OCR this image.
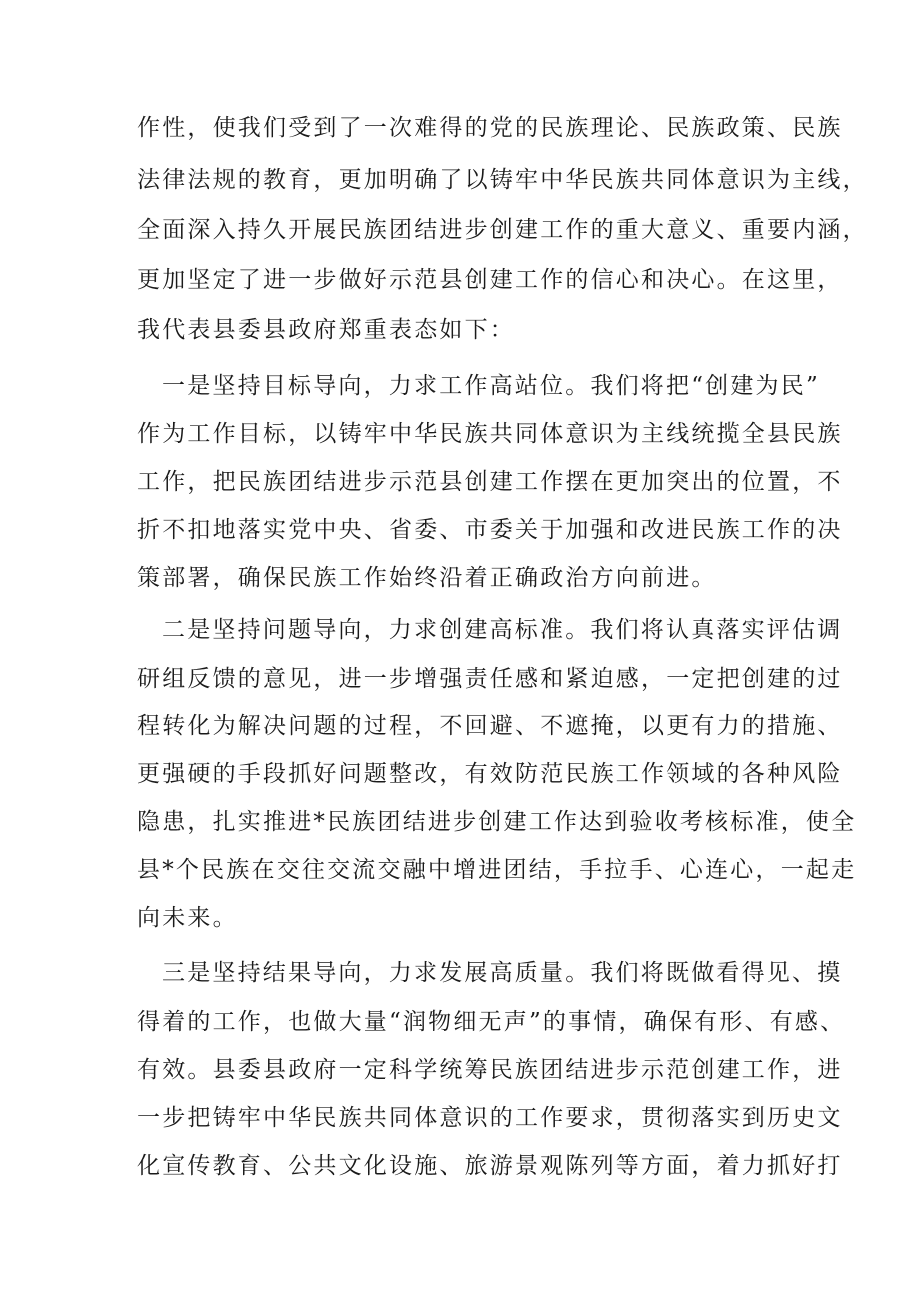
作性，使我们受到了一次难得的党的民族理论、民族政策、民族
法律法规的教育，更加明确了以铸牢中华民族共同体意识为主线，
全面深入持久开展民族团结进步创建工作的重大意义、重要内涵，
更加坚定了进一步做好示范县创建工作的信心和决心。在这里，
我代表县委县政府郑重表态如下：
一是坚持目标导向，力求工作高站位。我们将把“创建为民”
作为工作目标，以铸牢中华民族共同体意识为主线统揽全县民族
工作，把民族团结进步示范县创建工作摆在更加突出的位置，不
折不扣地落实党中央、省委、市委关于加强和改进民族工作的决
策部署，确保民族工作始终沿着正确政治方向前进。
二是坚持问题导向，力求创建高标准。我们将认真落实评估调
研组反馈的意见，进一步增强责任感和紧迫感，一定把创建的过
程转化为解决问题的过程，不回避、不遮掩，以更有力的措施、
更强硬的手段抓好问题整改，有效防范民族工作领域的各种风险
隐患，扎实推进*民族团结进步创建工作达到验收考核标准，使全
县*个民族在交往交流交融中增进团结，手拉手、心连心，一起走
向未来。
三是坚持结果导向，力求发展高质量。我们将既做看得见、摸
得着的工作，也做大量“润物细无声”的事情，确保有形、有感、
有效。县委县政府一定科学统筹民族团结进步示范创建工作，进
一步把铸牢中华民族共同体意识的工作要求，贯彻落实到历史文
化宣传教育、公共文化设施、旅游景观陈列等方面，着力抓好打
